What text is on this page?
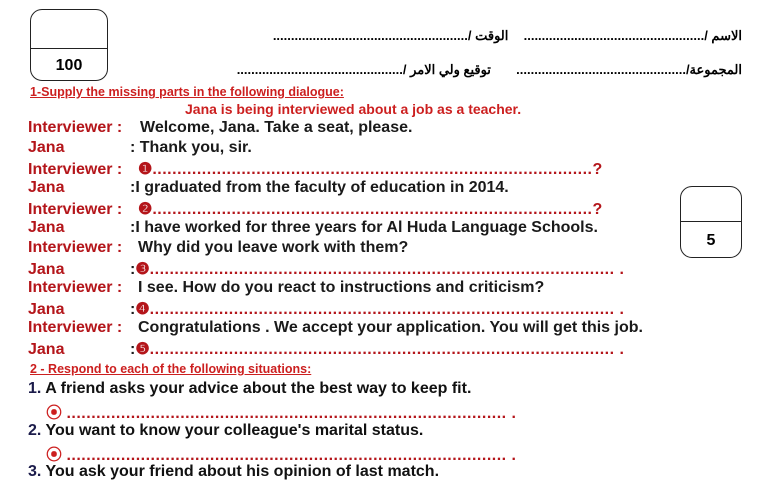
100
الاسم /..................................................  الوقت /......................................................
المجموعة/...............................................  توقيع ولي الامر /..............................................
1-Supply the missing parts in the following dialogue:
Jana is being interviewed about a job as a teacher.
5
Interviewer : Welcome, Jana. Take a seat, please.
Jana	: Thank you, sir.
Interviewer : ❶.........................................................................................?
Jana	:I graduated from the faculty of education in 2014.
Interviewer : ❷.........................................................................................?
Jana	:I have worked for three years for Al Huda Language Schools.
Interviewer : Why did you leave work with them?
Jana	:❸.............................................................................................. .
Interviewer : I see. How do you react to instructions and criticism?
Jana	:❹.............................................................................................. .
Interviewer : Congratulations . We accept your application. You will get this job.
Jana	:❺.............................................................................................. .
2 - Respond to each of the following situations:
1. A friend asks your advice about the best way to keep fit.
⦿ ......................................................................................... .
2. You want to know your colleague's marital status.
⦿ ......................................................................................... .
3. You ask your friend about his opinion of last match.
